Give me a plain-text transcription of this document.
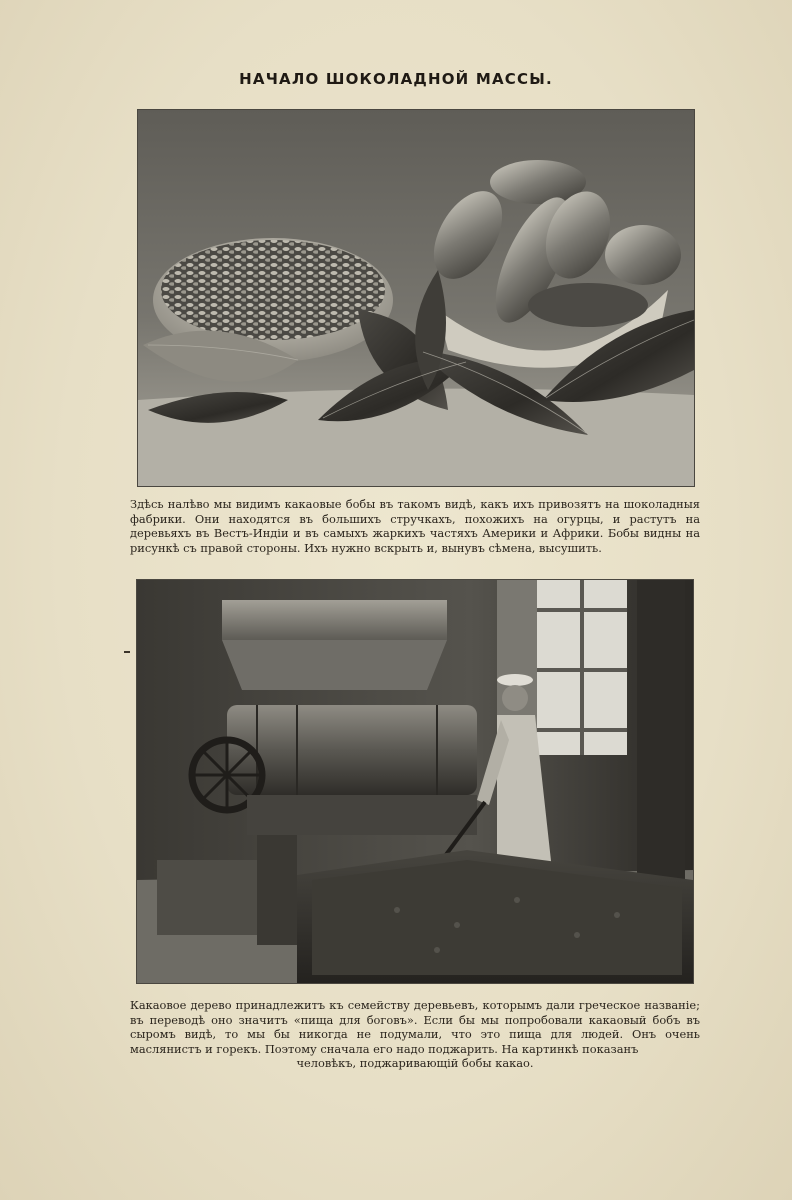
НАЧАЛО ШОКОЛАДНОЙ МАССЫ.

Здѣсь налѣво мы видимъ какаовые бобы въ такомъ видѣ, какъ ихъ привозятъ на шоколадныя фабрики. Они находятся въ большихъ стручкахъ, похожихъ на огурцы, и растутъ на деревьяхъ въ Вестъ-Индіи и въ самыхъ жаркихъ частяхъ Америки и Африки. Бобы видны на рисункѣ съ правой стороны. Ихъ нужно вскрыть и, вынувъ сѣмена, высушить.

Какаовое дерево принадлежитъ къ семейству деревьевъ, которымъ дали греческое названіе; въ переводѣ оно значитъ «пища для боговъ». Если бы мы попробовали какаовый бобъ въ сыромъ видѣ, то мы бы никогда не подумали, что это пища для людей. Онъ очень маслянистъ и горекъ. Поэтому сначала его надо поджарить. На картинкѣ показанъ

человѣкъ, поджаривающій бобы какао.
